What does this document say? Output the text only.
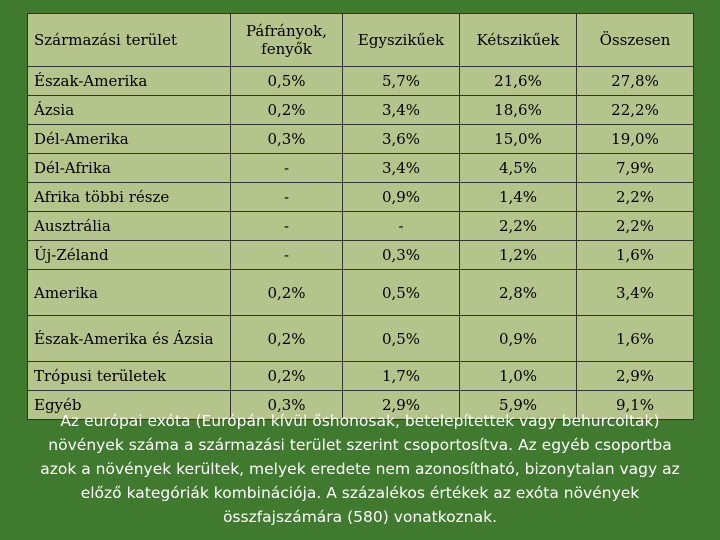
Származási terület	Páfrányok, fenyők	Egyszikűek	Kétszikűek	Összesen
Észak-Amerika	0,5%	5,7%	21,6%	27,8%
Ázsia	0,2%	3,4%	18,6%	22,2%
Dél-Amerika	0,3%	3,6%	15,0%	19,0%
Dél-Afrika	-	3,4%	4,5%	7,9%
Afrika többi része	-	0,9%	1,4%	2,2%
Ausztrália	-	-	2,2%	2,2%
Új-Zéland	-	0,3%	1,2%	1,6%
Amerika	0,2%	0,5%	2,8%	3,4%
Észak-Amerika és Ázsia	0,2%	0,5%	0,9%	1,6%
Trópusi területek	0,2%	1,7%	1,0%	2,9%
Egyéb	0,3%	2,9%	5,9%	9,1%
Az európai exóta (Európán kívül őshonosak, betelepítettek vagy behurcoltak) növények száma a származási terület szerint csoportosítva. Az egyéb csoportba azok a növények kerültek, melyek eredete nem azonosítható, bizonytalan vagy az előző kategóriák kombinációja. A százalékos értékek az exóta növények összfajszámára (580) vonatkoznak.
